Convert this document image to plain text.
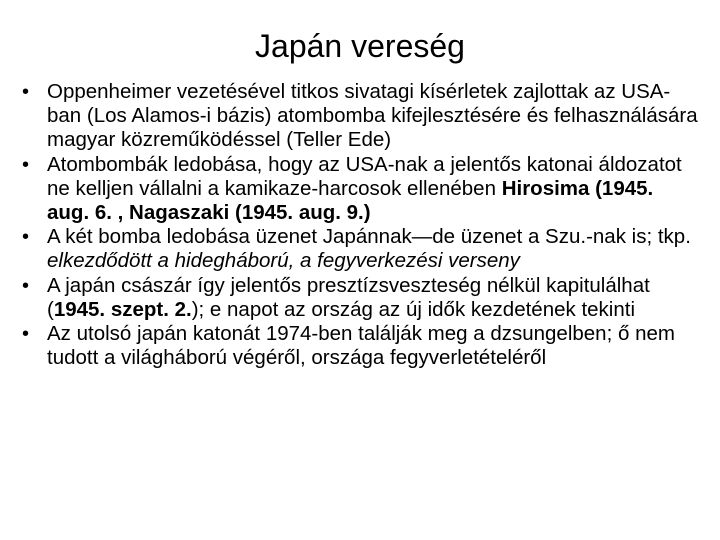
Japán vereség
• Oppenheimer vezetésével titkos sivatagi kísérletek zajlottak az USA-ban (Los Alamos-i bázis) atombomba kifejlesztésére és felhasználására magyar közreműködéssel (Teller Ede)
• Atombombák ledobása, hogy az USA-nak a jelentős katonai áldozatot ne kelljen vállalni a kamikaze-harcosok ellenében Hirosima (1945. aug. 6. , Nagaszaki (1945. aug. 9.)
• A két bomba ledobása üzenet Japánnak—de üzenet a Szu.-nak is; tkp. elkezdődött a hidegháború, a fegyverkezési verseny
• A japán császár így jelentős presztízsveszteség nélkül kapitulálhat (1945. szept. 2.); e napot az ország az új idők kezdetének tekinti
• Az utolsó japán katonát 1974-ben találják meg a dzsungelben; ő nem tudott a világháború végéről, országa fegyverletételéről
